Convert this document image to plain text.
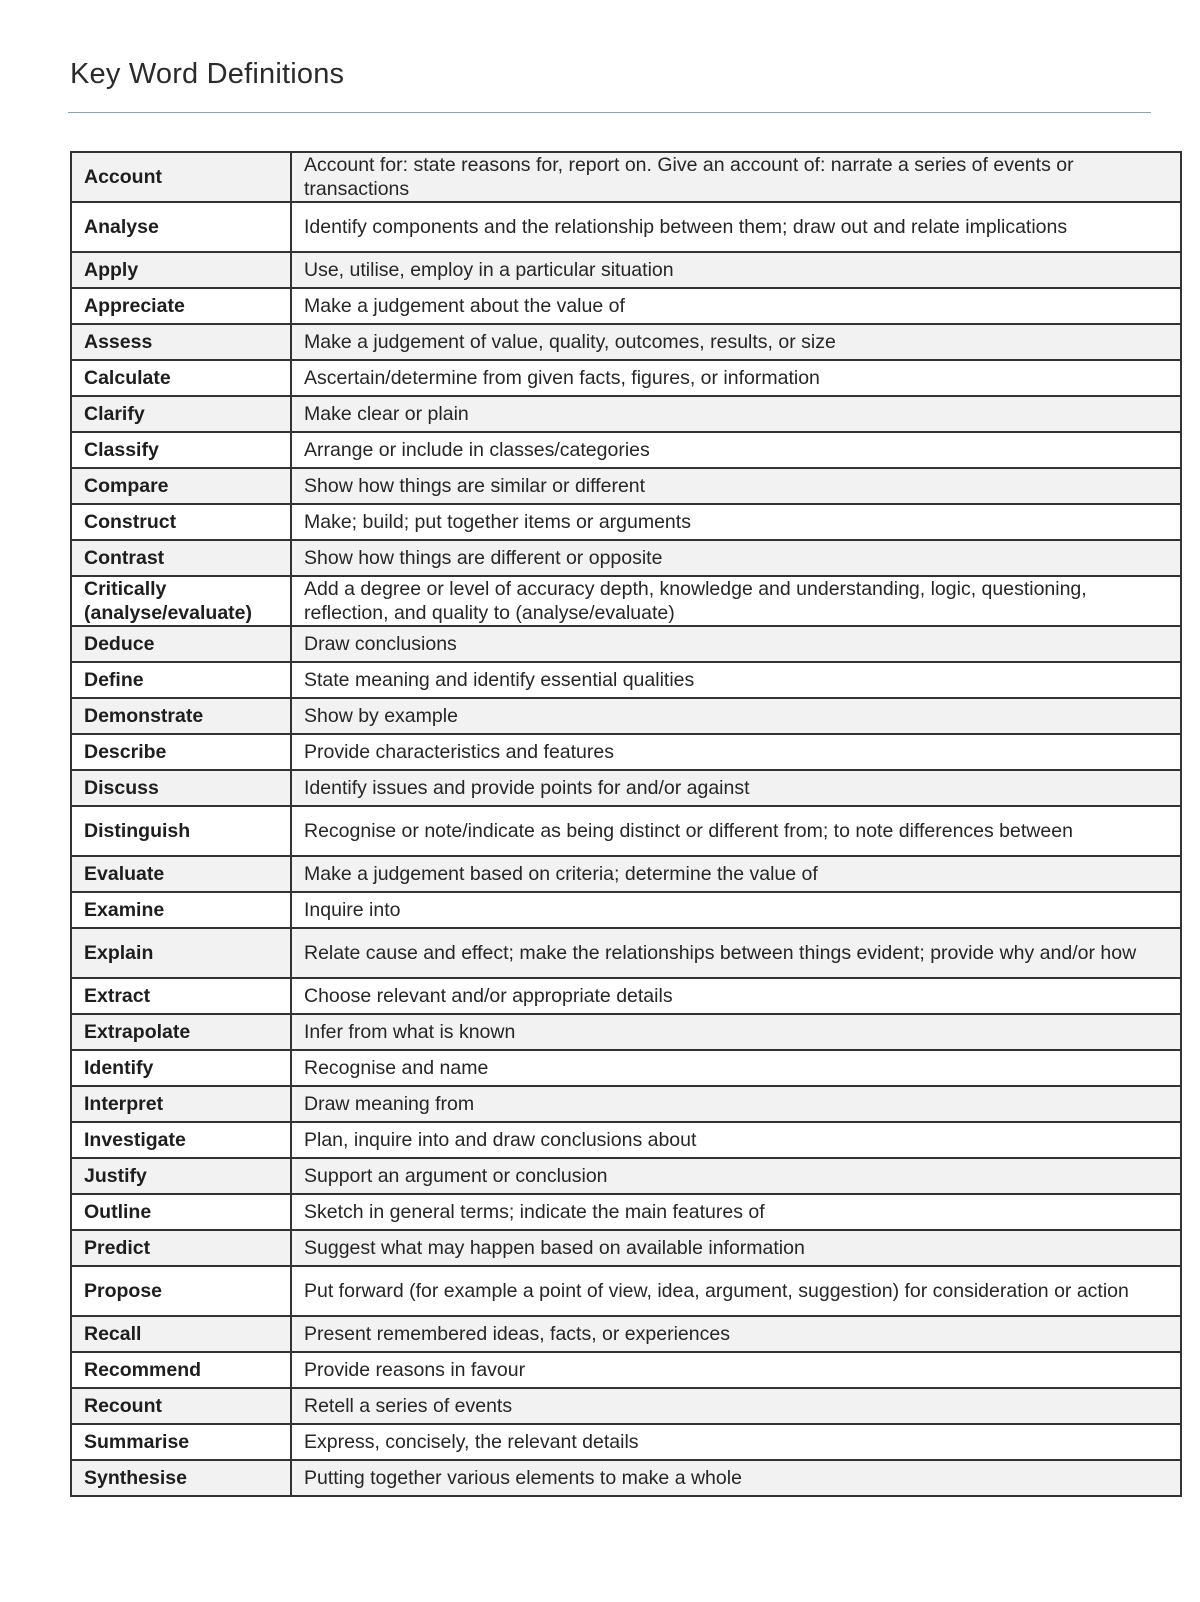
Key Word Definitions
Account	Account for: state reasons for, report on. Give an account of: narrate a series of events or transactions
Analyse	Identify components and the relationship between them; draw out and relate implications
Apply	Use, utilise, employ in a particular situation
Appreciate	Make a judgement about the value of
Assess	Make a judgement of value, quality, outcomes, results, or size
Calculate	Ascertain/determine from given facts, figures, or information
Clarify	Make clear or plain
Classify	Arrange or include in classes/categories
Compare	Show how things are similar or different
Construct	Make; build; put together items or arguments
Contrast	Show how things are different or opposite
Critically (analyse/evaluate)	Add a degree or level of accuracy depth, knowledge and understanding, logic, questioning, reflection, and quality to (analyse/evaluate)
Deduce	Draw conclusions
Define	State meaning and identify essential qualities
Demonstrate	Show by example
Describe	Provide characteristics and features
Discuss	Identify issues and provide points for and/or against
Distinguish	Recognise or note/indicate as being distinct or different from; to note differences between
Evaluate	Make a judgement based on criteria; determine the value of
Examine	Inquire into
Explain	Relate cause and effect; make the relationships between things evident; provide why and/or how
Extract	Choose relevant and/or appropriate details
Extrapolate	Infer from what is known
Identify	Recognise and name
Interpret	Draw meaning from
Investigate	Plan, inquire into and draw conclusions about
Justify	Support an argument or conclusion
Outline	Sketch in general terms; indicate the main features of
Predict	Suggest what may happen based on available information
Propose	Put forward (for example a point of view, idea, argument, suggestion) for consideration or action
Recall	Present remembered ideas, facts, or experiences
Recommend	Provide reasons in favour
Recount	Retell a series of events
Summarise	Express, concisely, the relevant details
Synthesise	Putting together various elements to make a whole
